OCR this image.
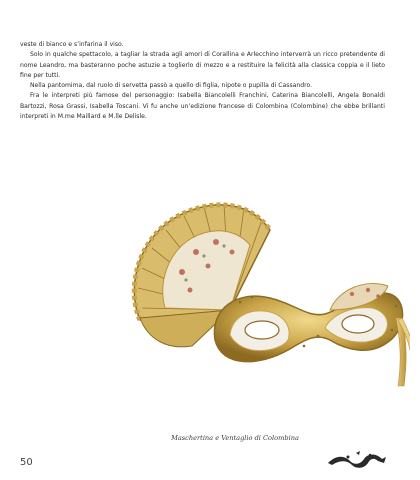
veste di bianco e s’infarina il viso.

Solo in qualche spettacolo, a tagliar la strada agli amori di Corallina e Arlecchino interverrà un ricco pretendente di nome Leandro, ma basteranno poche astuzie a toglierlo di mezzo e a restituire la felicità alla classica coppia e il lieto fine per tutti.

Nella pantomima, dal ruolo di servetta passò a quello di figlia, nipote o pupilla di Cassandro.

Fra le interpreti più famose del personaggio: Isabella Biancolelli Franchini, Caterina Biancolelli, Angela Bonaldi Bartozzi, Rosa Grassi, Isabella Toscani. Vi fu anche un’edizione francese di Colombina (Colombine) che ebbe brillanti interpreti in M.me Maillard e M.lle Delisle.

Maschertina e Ventaglio di Colombina
50
